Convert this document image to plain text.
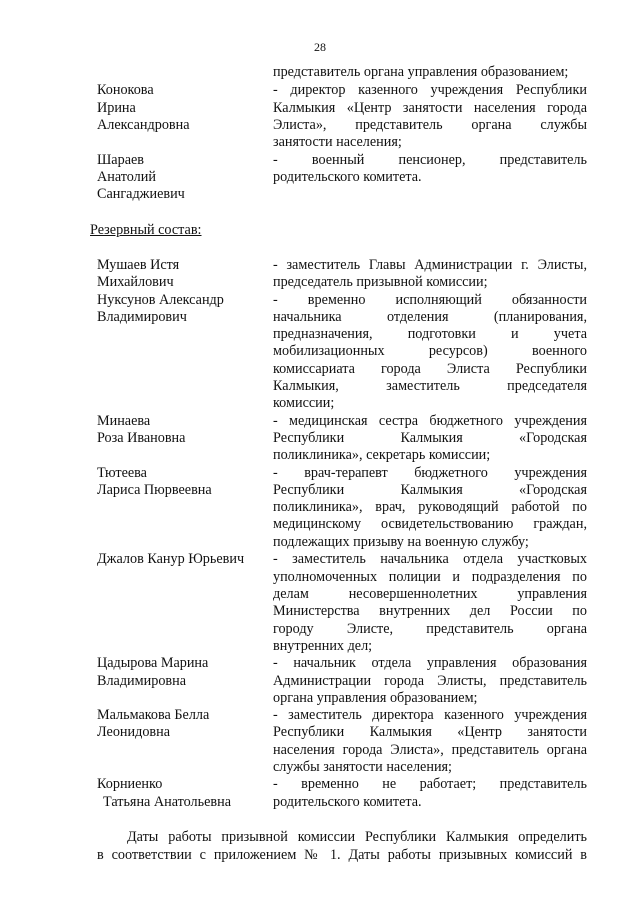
28
представитель органа управления образованием;
Конокова	- директор казенного учреждения Республики
Ирина	Калмыкия «Центр занятости населения города
Александровна	Элиста», представитель органа службы
занятости населения;
Шараев	- военный пенсионер, представитель
Анатолий	родительского комитета.
Сангаджиевич
Резервный состав:
Мушаев Истя	- заместитель Главы Администрации г. Элисты,
Михайлович	председатель призывной комиссии;
Нуксунов Александр	- временно исполняющий обязанности
Владимирович	начальника отделения (планирования,
предназначения, подготовки и учета
мобилизационных ресурсов) военного
комиссариата города Элиста Республики
Калмыкия, заместитель председателя
комиссии;
Минаева	- медицинская сестра бюджетного учреждения
Роза Ивановна	Республики Калмыкия «Городская
поликлиника», секретарь комиссии;
Тютеева	- врач-терапевт бюджетного учреждения
Лариса Пюрвеевна	Республики Калмыкия «Городская
поликлиника», врач, руководящий работой по
медицинскому освидетельствованию граждан,
подлежащих призыву на военную службу;
Джалов Канур Юрьевич - заместитель начальника отдела участковых
уполномоченных полиции и подразделения по
делам несовершеннолетних управления
Министерства внутренних дел России по
городу Элисте, представитель органа
внутренних дел;
Цадырова Марина	- начальник отдела управления образования
Владимировна	Администрации города Элисты, представитель
органа управления образованием;
Мальмакова Белла	- заместитель директора казенного учреждения
Леонидовна	Республики Калмыкия «Центр занятости
населения города Элиста», представитель органа
службы занятости населения;
Корниенко	- временно не работает; представитель
Татьяна Анатольевна	родительского комитета.
Даты работы призывной комиссии Республики Калмыкия определить
в соответствии с приложением № 1. Даты работы призывных комиссий в
